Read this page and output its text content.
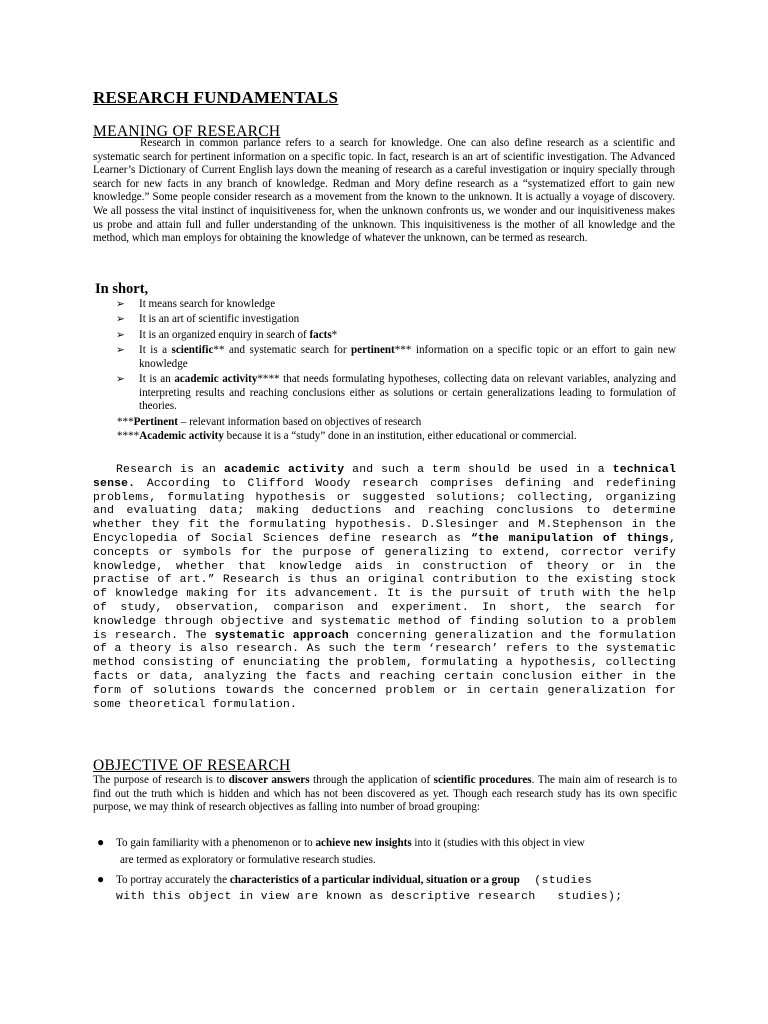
RESEARCH FUNDAMENTALS
MEANING OF RESEARCH
Research in common parlance refers to a search for knowledge. One can also define research as a scientific and systematic search for pertinent information on a specific topic. In fact, research is an art of scientific investigation. The Advanced Learner’s Dictionary of Current English lays down the meaning of research as a careful investigation or inquiry specially through search for new facts in any branch of knowledge. Redman and Mory define research as a “systematized effort to gain new knowledge.” Some people consider research as a movement from the known to the unknown. It is actually a voyage of discovery. We all possess the vital instinct of inquisitiveness for, when the unknown confronts us, we wonder and our inquisitiveness makes us probe and attain full and fuller understanding of the unknown. This inquisitiveness is the mother of all knowledge and the method, which man employs for obtaining the knowledge of whatever the unknown, can be termed as research.
In short,
➢ It means search for knowledge
➢ It is an art of scientific investigation
➢ It is an organized enquiry in search of facts*
➢ It is a scientific** and systematic search for pertinent*** information on a specific topic or an effort to gain new knowledge
➢ It is an academic activity**** that needs formulating hypotheses, collecting data on relevant variables, analyzing and interpreting results and reaching conclusions either as solutions or certain generalizations leading to formulation of theories.
***Pertinent – relevant information based on objectives of research
****Academic activity because it is a “study” done in an institution, either educational or commercial.
Research is an academic activity and such a term should be used in a technical sense. According to Clifford Woody research comprises defining and redefining problems, formulating hypothesis or suggested solutions; collecting, organizing and evaluating data; making deductions and reaching conclusions to determine whether they fit the formulating hypothesis. D.Slesinger and M.Stephenson in the Encyclopedia of Social Sciences define research as “the manipulation of things, concepts or symbols for the purpose of generalizing to extend, corrector verify knowledge, whether that knowledge aids in construction of theory or in the practise of art.” Research is thus an original contribution to the existing stock of knowledge making for its advancement. It is the pursuit of truth with the help of study, observation, comparison and experiment. In short, the search for knowledge through objective and systematic method of finding solution to a problem is research. The systematic approach concerning generalization and the formulation of a theory is also research. As such the term ‘research’ refers to the systematic method consisting of enunciating the problem, formulating a hypothesis, collecting facts or data, analyzing the facts and reaching certain conclusion either in the form of solutions towards the concerned problem or in certain generalization for some theoretical formulation.
OBJECTIVE OF RESEARCH
The purpose of research is to discover answers through the application of scientific procedures. The main aim of research is to find out the truth which is hidden and which has not been discovered as yet. Though each research study has its own specific purpose, we may think of research objectives as falling into number of broad grouping:
● To gain familiarity with a phenomenon or to achieve new insights into it (studies with this object in view
are termed as exploratory or formulative research studies.
● To portray accurately the characteristics of a particular individual, situation or a group  (studies
with this object in view are known as descriptive research   studies);
